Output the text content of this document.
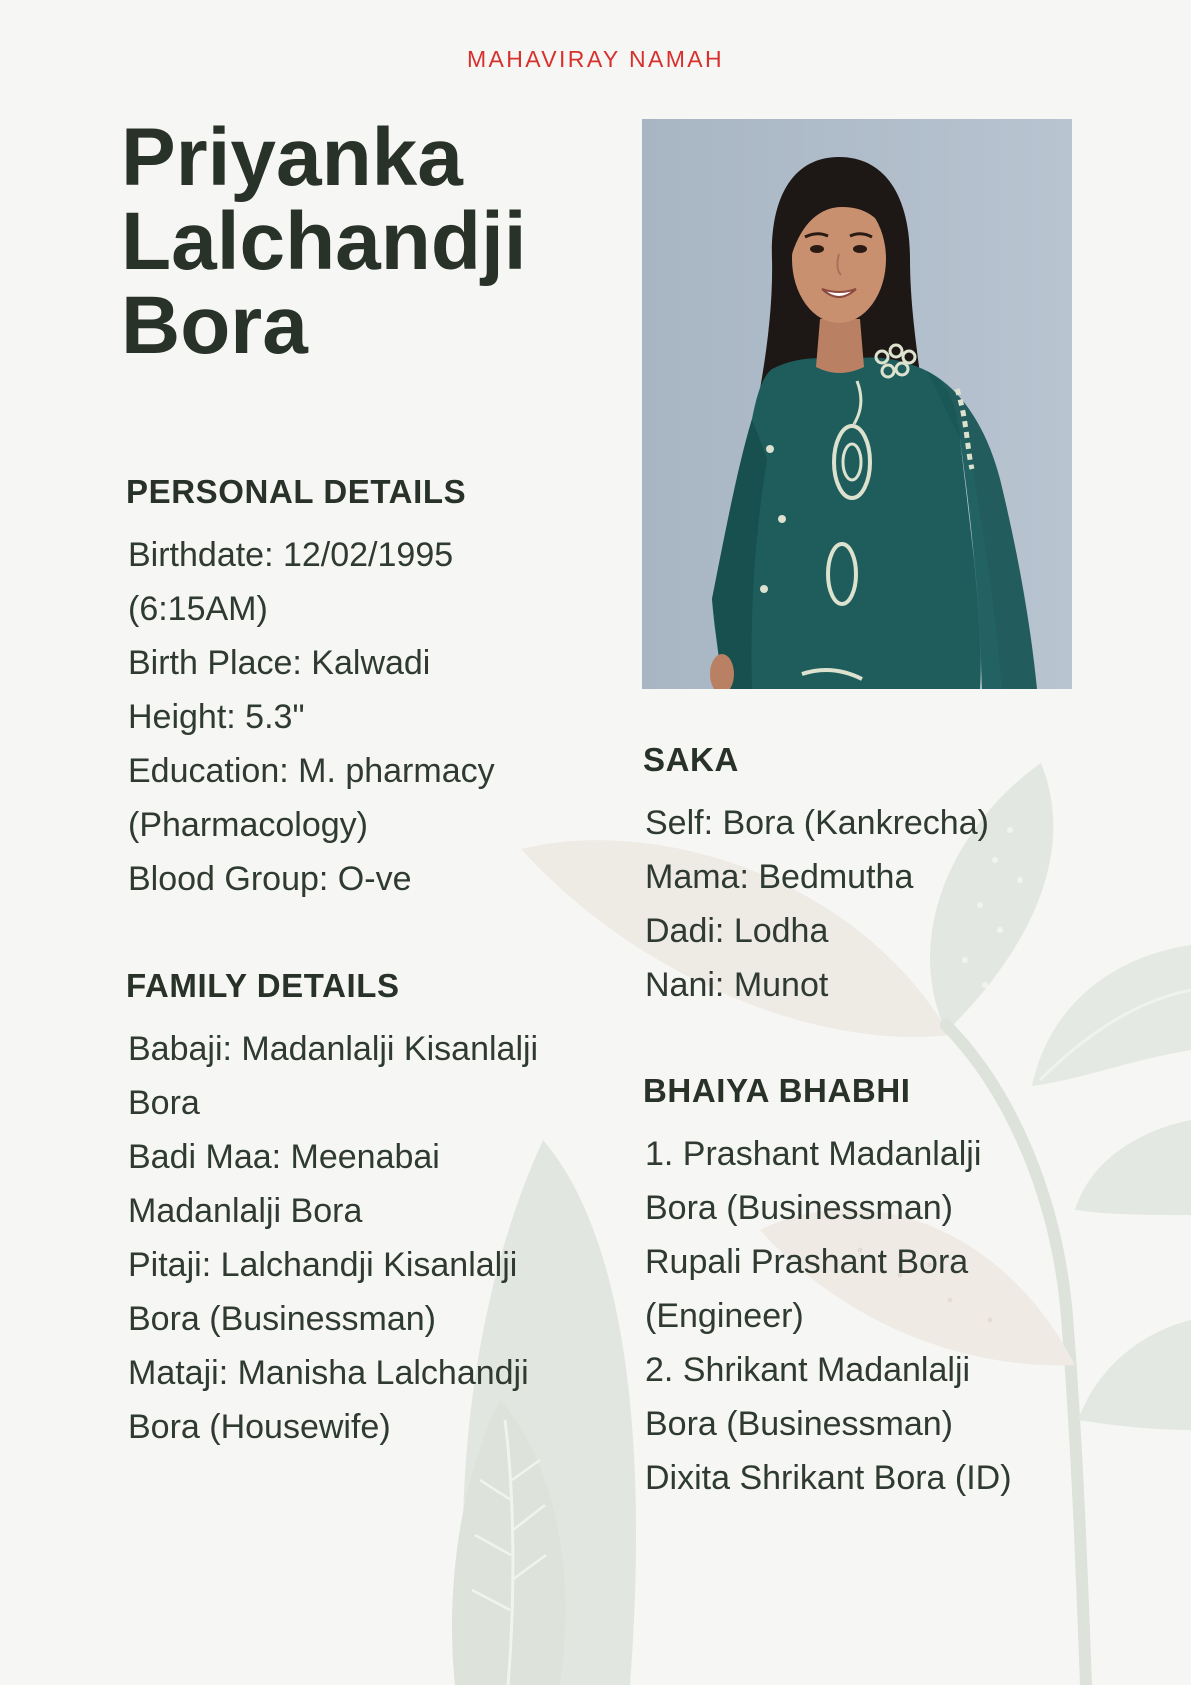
MAHAVIRAY NAMAH
Priyanka Lalchandji Bora
PERSONAL DETAILS
Birthdate: 12/02/1995 (6:15AM)
Birth Place: Kalwadi
Height: 5.3"
Education: M. pharmacy (Pharmacology)
Blood Group: O-ve
FAMILY DETAILS
Babaji: Madanlalji Kisanlalji Bora
Badi Maa: Meenabai Madanlalji Bora
Pitaji: Lalchandji Kisanlalji Bora (Businessman)
Mataji: Manisha Lalchandji Bora (Housewife)
SAKA
Self: Bora (Kankrecha)
Mama: Bedmutha
Dadi: Lodha
Nani: Munot
BHAIYA BHABHI
1. Prashant Madanlalji Bora (Businessman)
Rupali Prashant Bora (Engineer)
2. Shrikant Madanlalji Bora (Businessman)
Dixita Shrikant Bora (ID)
